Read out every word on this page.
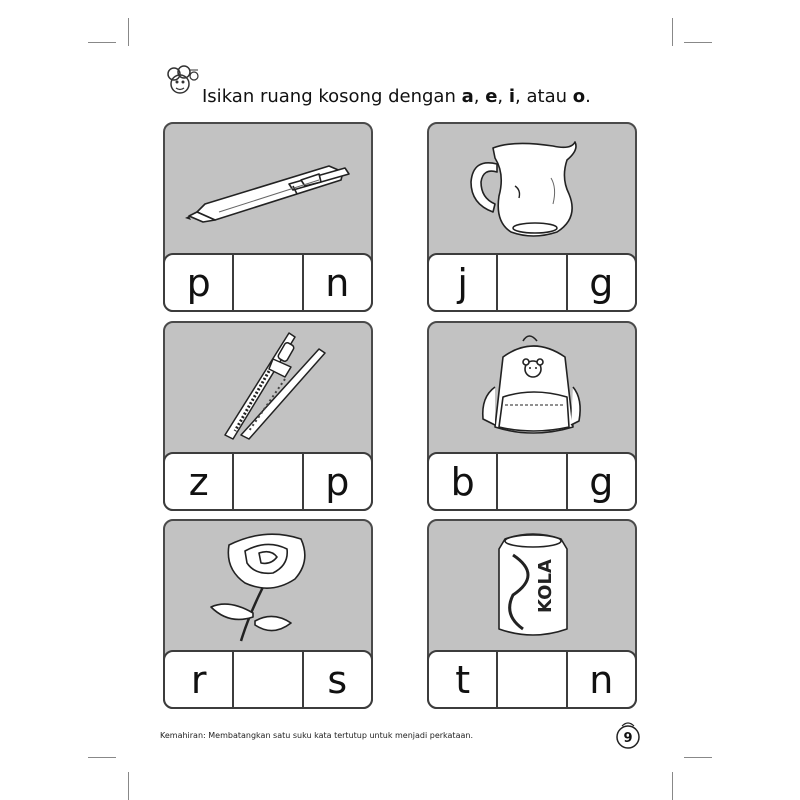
Isikan ruang kosong dengan a, e, i, atau o.
p	n	j	g
z	p	b	g
r	s
KOLA
t	n
Kemahiran: Membatangkan satu suku kata tertutup untuk menjadi perkataan.	9
